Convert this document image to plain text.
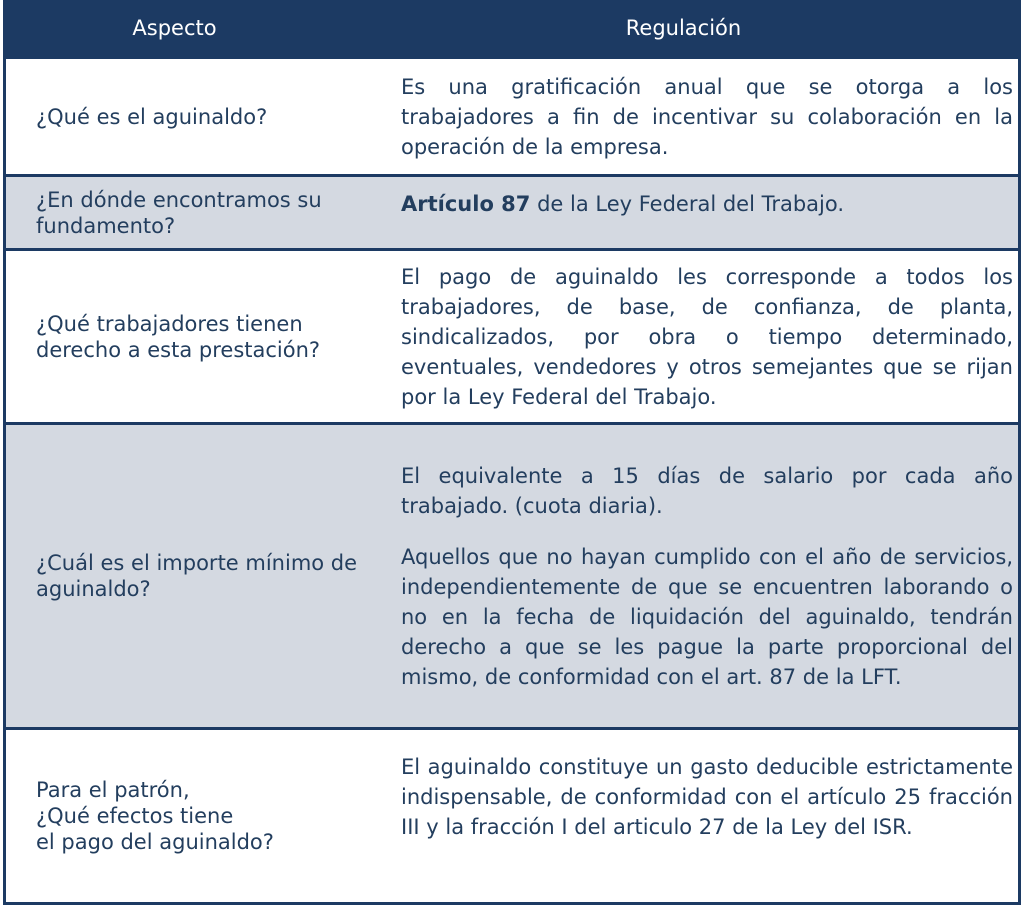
Aspecto	Regulación
¿Qué es el aguinaldo?

Es una gratificación anual que se otorga a los trabajadores a fin de incentivar su colaboración en la operación de la empresa.

¿En dónde encontramos su fundamento?

Artículo 87 de la Ley Federal del Trabajo.

¿Qué trabajadores tienen derecho a esta prestación?

El pago de aguinaldo les corresponde a todos los trabajadores, de base, de confianza, de planta, sindicalizados, por obra o tiempo determinado, eventuales, vendedores y otros semejantes que se rijan por la Ley Federal del Trabajo.

¿Cuál es el importe mínimo de aguinaldo?

El equivalente a 15 días de salario por cada año trabajado. (cuota diaria).

Aquellos que no hayan cumplido con el año de servicios, independientemente de que se encuentren laborando o no en la fecha de liquidación del aguinaldo, tendrán derecho a que se les pague la parte proporcional del mismo, de conformidad con el art. 87 de la LFT.

Para el patrón,
¿Qué efectos tiene
el pago del aguinaldo?

El aguinaldo constituye un gasto deducible estrictamente indispensable, de conformidad con el artículo 25 fracción III y la fracción I del articulo 27 de la Ley del ISR.
